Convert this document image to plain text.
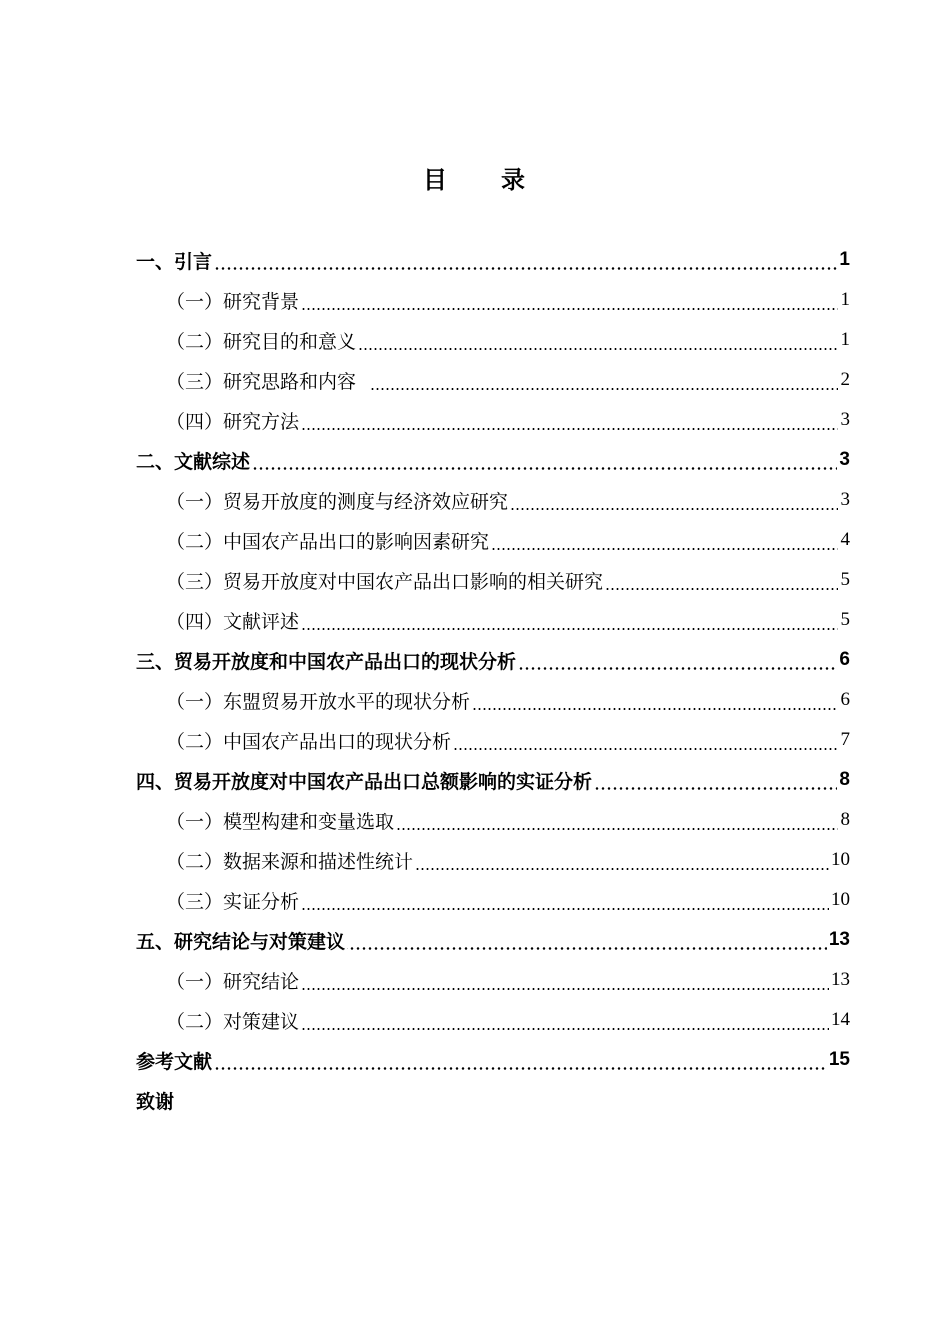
目 录
一、引言	1
（一）研究背景	1
（二）研究目的和意义	1
（三）研究思路和内容	2
（四）研究方法	3
二、文献综述	3
（一）贸易开放度的测度与经济效应研究	3
（二）中国农产品出口的影响因素研究	4
（三）贸易开放度对中国农产品出口影响的相关研究	5
（四）文献评述	5
三、贸易开放度和中国农产品出口的现状分析	6
（一）东盟贸易开放水平的现状分析	6
（二）中国农产品出口的现状分析	7
四、贸易开放度对中国农产品出口总额影响的实证分析	8
（一）模型构建和变量选取	8
（二）数据来源和描述性统计	10
（三）实证分析	10
五、研究结论与对策建议	13
（一）研究结论	13
（二）对策建议	14
参考文献	15
致谢
